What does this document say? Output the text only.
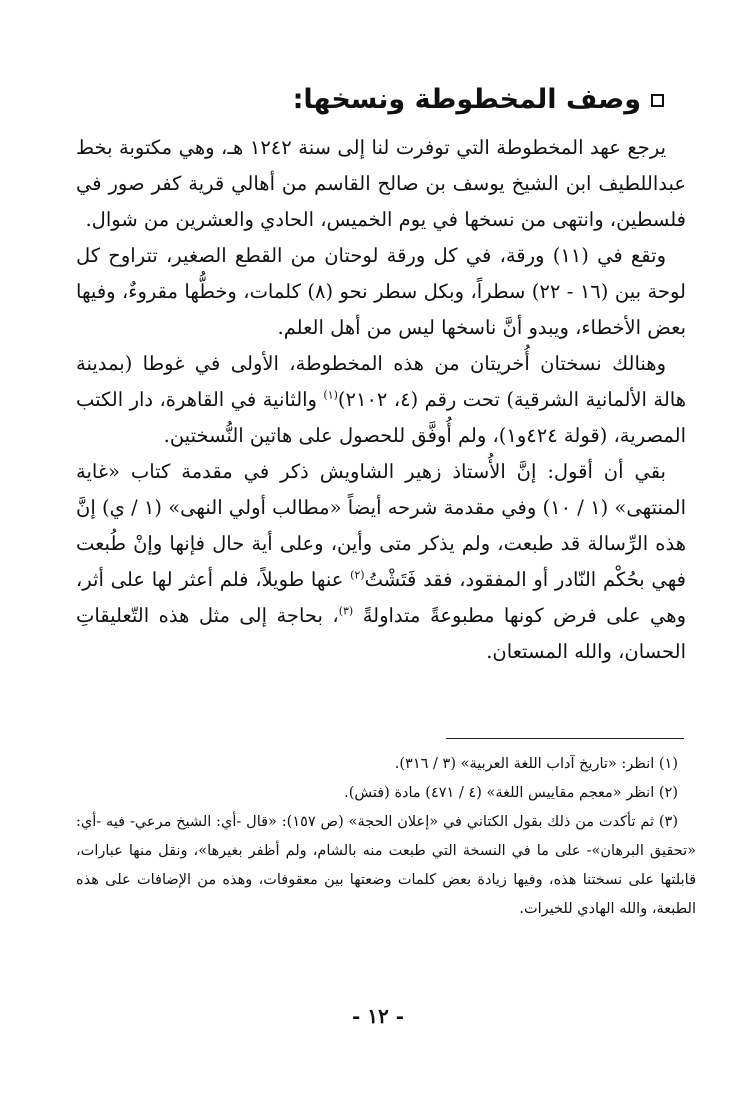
وصف المخطوطة ونسخها:

يرجع عهد المخطوطة التي توفرت لنا إلى سنة ١٢٤٢ هـ، وهي مكتوبة بخط عبداللطيف ابن الشيخ يوسف بن صالح القاسم من أهالي قرية كفر صور في فلسطين، وانتهى من نسخها في يوم الخميس، الحادي والعشرين من شوال.

وتقع في (١١) ورقة، في كل ورقة لوحتان من القطع الصغير، تتراوح كل لوحة بين (١٦ - ٢٢) سطراً، وبكل سطر نحو (٨) كلمات، وخطُّها مقروءٌ، وفيها بعض الأخطاء، ويبدو أنَّ ناسخها ليس من أهل العلم.

وهنالك نسختان أُخريتان من هذه المخطوطة، الأولى في غوطا (بمدينة هالة الألمانية الشرقية) تحت رقم (٤، ٢١٠٢)$^{(١)}$ والثانية في القاهرة، دار الكتب المصرية، (قولة ٤٢٤و١)، ولم أُوفَّق للحصول على هاتين النُّسختين.

بقي أن أقول: إنَّ الأُستاذ زهير الشاويش ذكر في مقدمة كتاب «غاية المنتهى» (١ / ١٠) وفي مقدمة شرحه أيضاً «مطالب أولي النهى» (١ / ي) إنَّ هذه الرِّسالة قد طبعت، ولم يذكر متى وأين، وعلى أية حال فإنها وإنْ طُبعت فهي بحُكْم النّادر أو المفقود، فقد فَتَشْتُ$^{(٢)}$ عنها طويلاً، فلم أعثر لها على أثر، وهي على فرض كونها مطبوعةً متداولةً $^{(٣)}$، بحاجة إلى مثل هذه التّعليقاتِ الحسان، والله المستعان.

(١) انظر: «تاريخ آداب اللغة العربية» (٣ / ٣١٦).

(٢) انظر «معجم مقاييس اللغة» (٤ / ٤٧١) مادة (فتش).

(٣) ثم تأكدت من ذلك بقول الكتاني في «إعلان الحجة» (ص ١٥٧): «قال -أي: الشيخ مرعي- فيه -أي: «تحقيق البرهان»- على ما في النسخة التي طبعت منه بالشام، ولم أظفر بغيرها»، ونقل منها عبارات، قابلتها على نسختنا هذه، وفيها زيادة بعض كلمات وضعتها بين معقوفات، وهذه من الإضافات على هذه الطبعة، والله الهادي للخيرات.

- ١٢ -
